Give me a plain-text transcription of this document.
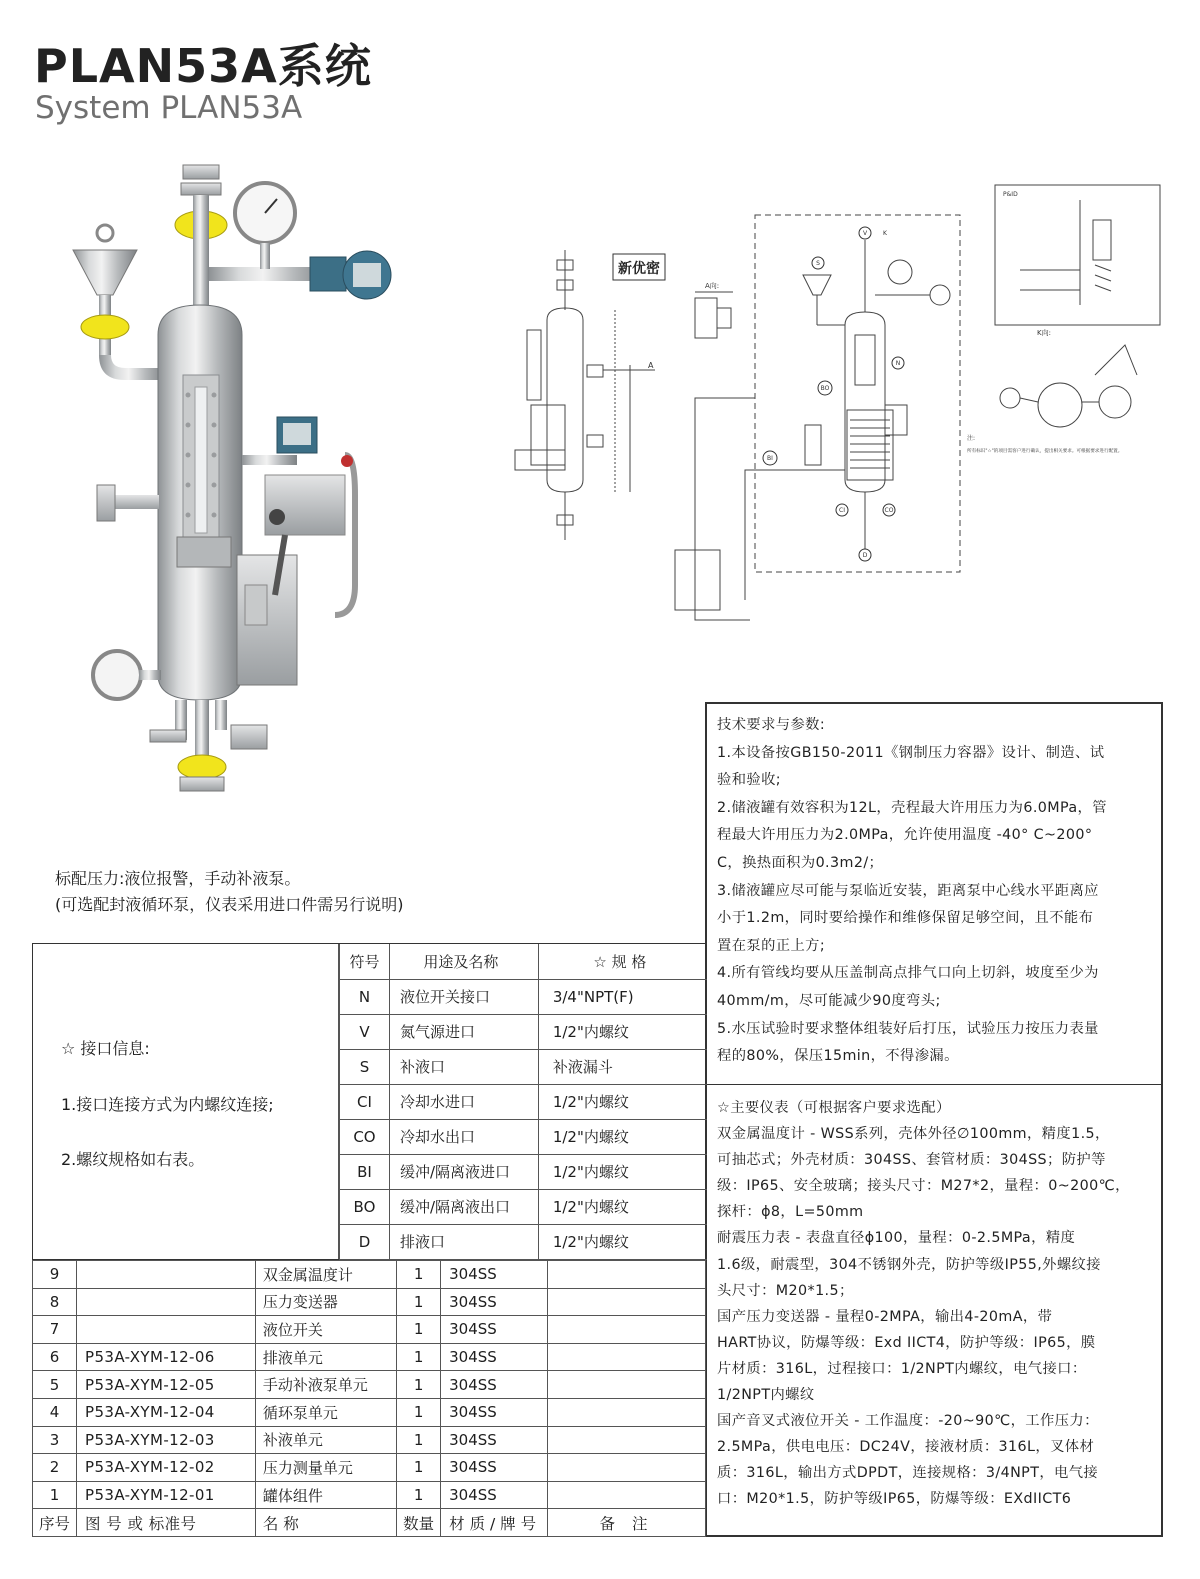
PLAN53A系统
System PLAN53A
新优密
A向:
A
P&ID
K向:
注:
所有标识"☆"的项目需客户进行确认，提出相关要求。可根据要求进行配置。
V	K
S
N
BO
BI
CI	CO
D
标配压力:液位报警，手动补液泵。
(可选配封液循环泵，仪表采用进口件需另行说明)

技术要求与参数:

1.本设备按GB150-2011《钢制压力容器》设计、制造、试

验和验收;

2.储液罐有效容积为12L，壳程最大许用压力为6.0MPa，管

程最大许用压力为2.0MPa，允许使用温度 -40° C~200°

C，换热面积为0.3m2/；

3.储液罐应尽可能与泵临近安装，距离泵中心线水平距离应

小于1.2m，同时要给操作和维修保留足够空间，且不能布

置在泵的正上方;

4.所有管线均要从压盖制高点排气口向上切斜，坡度至少为

40mm/m，尽可能减少90度弯头;

5.水压试验时要求整体组装好后打压，试验压力按压力表量

程的80%，保压15min，不得渗漏。

☆主要仪表（可根据客户要求选配）

双金属温度计 - WSS系列，壳体外径∅100mm，精度1.5，

可抽芯式；外壳材质：304SS、套管材质：304SS；防护等

级：IP65、安全玻璃；接头尺寸：M27*2，量程：0~200℃，

探杆：ϕ8，L=50mm

耐震压力表 - 表盘直径ϕ100，量程：0-2.5MPa，精度

1.6级，耐震型，304不锈钢外壳，防护等级IP55,外螺纹接

头尺寸：M20*1.5；

国产压力变送器 - 量程0-2MPA，输出4-20mA，带

HART协议，防爆等级：Exd IICT4，防护等级：IP65，膜

片材质：316L，过程接口：1/2NPT内螺纹，电气接口：

1/2NPT内螺纹

国产音叉式液位开关 - 工作温度：-20~90℃，工作压力：

2.5MPa，供电电压：DC24V，接液材质：316L，叉体材

质：316L，输出方式DPDT，连接规格：3/4NPT，电气接

口：M20*1.5，防护等级IP65，防爆等级：EXdIICT6

☆ 接口信息:
1.接口连接方式为内螺纹连接;
2.螺纹规格如右表。
符号	用途及名称	☆ 规 格
N	液位开关接口	3/4"NPT(F)
V	氮气源进口	1/2"内螺纹
S	补液口	补液漏斗
CI	冷却水进口	1/2"内螺纹
CO	冷却水出口	1/2"内螺纹
BI	缓冲/隔离液进口	1/2"内螺纹
BO	缓冲/隔离液出口	1/2"内螺纹
D	排液口	1/2"内螺纹
9		双金属温度计	1	304SS	
8		压力变送器	1	304SS	
7		液位开关	1	304SS	
6	P53A-XYM-12-06	排液单元	1	304SS	
5	P53A-XYM-12-05	手动补液泵单元	1	304SS	
4	P53A-XYM-12-04	循环泵单元	1	304SS	
3	P53A-XYM-12-03	补液单元	1	304SS	
2	P53A-XYM-12-02	压力测量单元	1	304SS	
1	P53A-XYM-12-01	罐体组件	1	304SS	
序号	图 号 或 标准号	名 称	数量	材 质 / 牌 号	备 注
